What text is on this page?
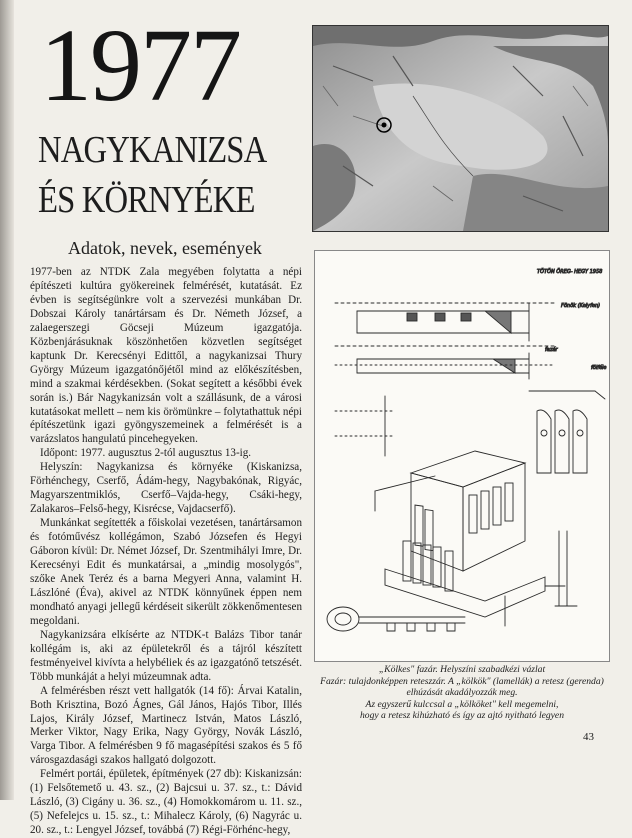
1977
NAGYKANIZSA
ÉS KÖRNYÉKE
Adatok, nevek, események

1977-ben az NTDK Zala megyében folytatta a népi építészeti kultúra gyökereinek felmérését, kutatását. Ez évben is segítségünkre volt a szervezési munkában Dr. Dobszai Károly tanártársam és Dr. Németh József, a zalaegerszegi Göcseji Múzeum igazgatója. Közbenjárásuknak köszönhetően közvetlen segítséget kaptunk Dr. Kerecsényi Edittől, a nagykanizsai Thury György Múzeum igazgatónőjétől mind az előkészítésben, mind a szakmai kérdésekben. (Sokat segített a későbbi évek során is.) Bár Nagykanizsán volt a szállásunk, de a városi kutatásokat mellett – nem kis örömünkre – folytathattuk népi építészetünk igazi gyöngyszemeinek a felmérését is a varázslatos hangulatú pincehegyeken.

Időpont: 1977. augusztus 2-tól augusztus 13-ig.

Helyszín: Nagykanizsa és környéke (Kiskanizsa, Förhénchegy, Cserfő, Ádám-hegy, Nagybakónak, Rigyác, Magyarszentmiklós, Cserfő–Vajda-hegy, Csáki-hegy, Zalakaros–Felső-hegy, Kisrécse, Vajdacserfő).

Munkánkat segítették a főiskolai vezetésen, tanártársamon és fotóművész kollégámon, Szabó Józsefen és Hegyi Gáboron kívül: Dr. Német József, Dr. Szentmihályi Imre, Dr. Kerecsényi Edit és munkatársai, a „mindig mosolygós", szőke Anek Teréz és a barna Megyeri Anna, valamint H. Lászlóné (Éva), akivel az NTDK könnyűnek éppen nem mondható anyagi jellegű kérdéseit sikerült zökkenőmentesen megoldani.

Nagykanizsára elkísérte az NTDK-t Balázs Tibor tanár kollégám is, aki az épületekről és a tájról készített festményeivel kivívta a helybéliek és az igazgatónő tetszését. Több munkáját a helyi múzeumnak adta.

A felmérésben részt vett hallgatók (14 fő): Árvai Katalin, Both Krisztina, Bozó Ágnes, Gál János, Hajós Tibor, Illés Lajos, Király József, Martinecz István, Matos László, Merker Viktor, Nagy Erika, Nagy György, Novák László, Varga Tibor. A felmérésben 9 fő magasépítési szakos és 5 fő városgazdasági szakos hallgató dolgozott.

Felmért portái, épületek, építmények (27 db): Kiskanizsán: (1) Felsőtemető u. 43. sz., (2) Bajcsui u. 37. sz., t.: Dávid László, (3) Cigány u. 36. sz., (4) Homokkomárom u. 11. sz., (5) Nefelejcs u. 15. sz., t.: Mihalecz Károly, (6) Nagyrác u. 20. sz., t.: Lengyel József, továbbá (7) Régi-Förhénc-hegy,

TÖTÖN ÖREG- HEGY 1958
Fönök (Kelyfen)
fölféle
fazár

„Kölkes" fazár. Helyszíni szabadkézi vázlat

Fazár: tulajdonképpen reteszzár. A „kölkök" (lamellák) a retesz (gerenda) elhúzását akadályozzák meg.

Az egyszerű kulccsal a „kölköket" kell megemelni,

hogy a retesz kihúzható és így az ajtó nyitható legyen

43
